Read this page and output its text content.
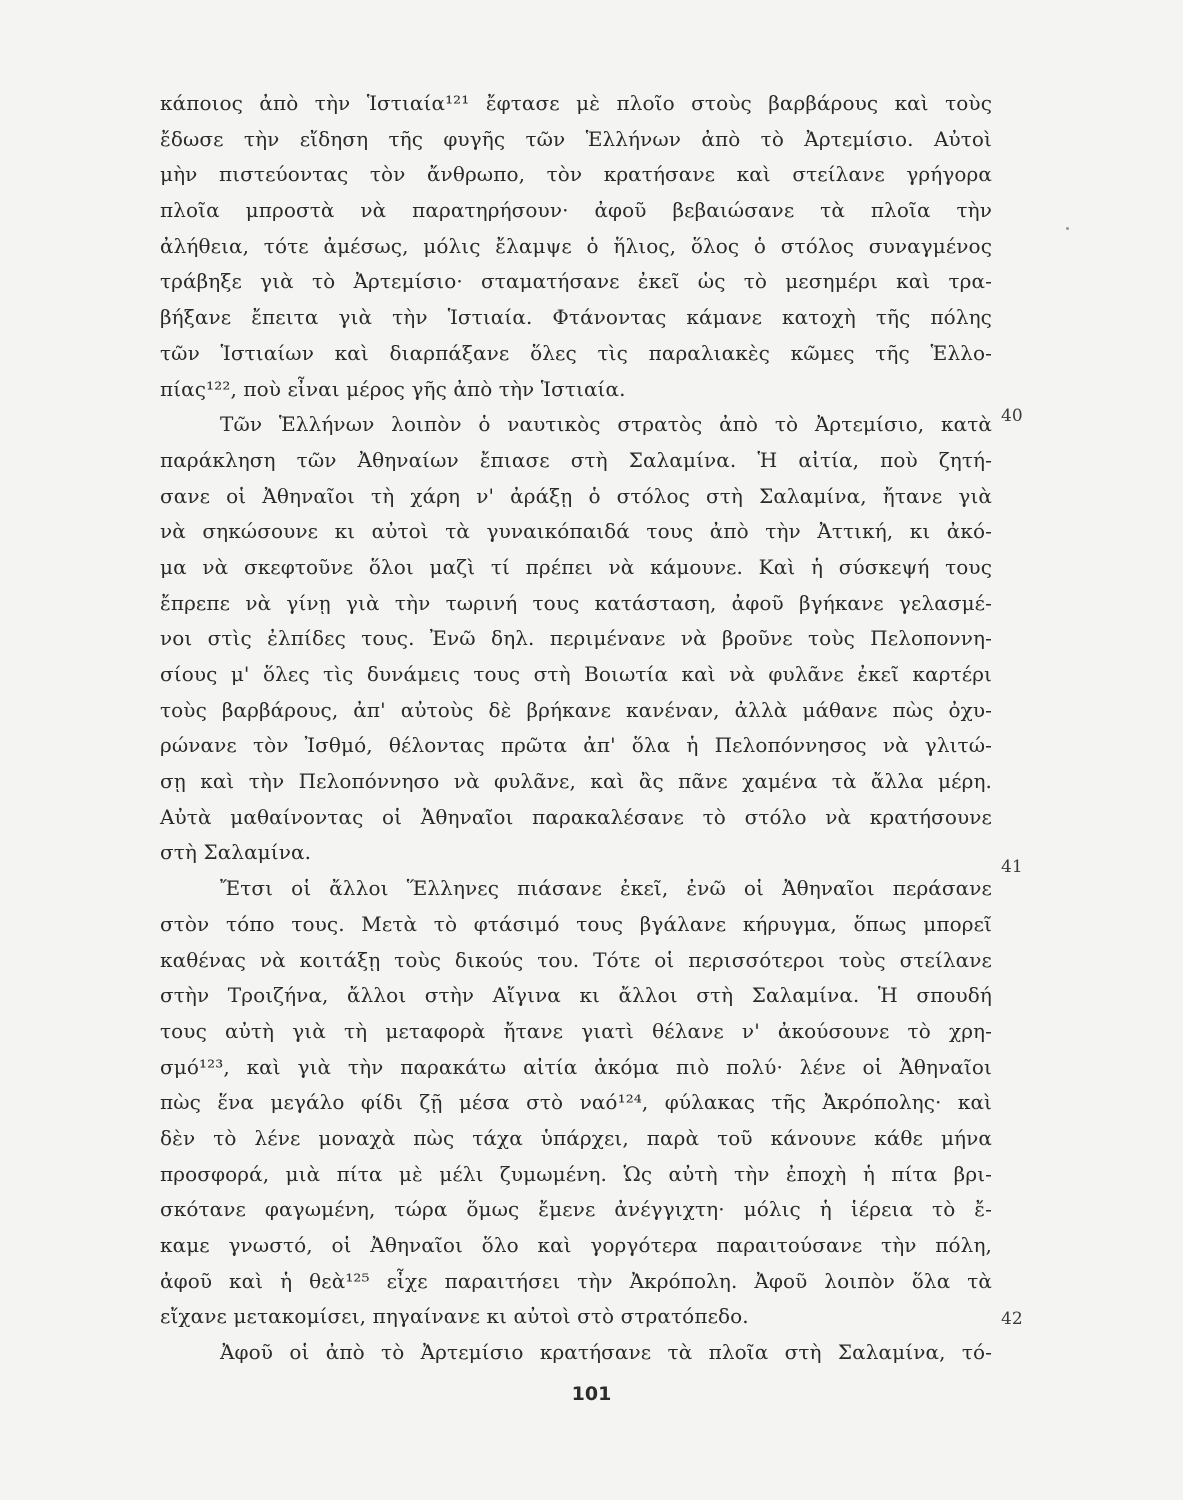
κάποιος ἀπὸ τὴν Ἱστιαία¹²¹ ἔφτασε μὲ πλοῖο στοὺς βαρβάρους καὶ τοὺς
ἔδωσε τὴν εἴδηση τῆς φυγῆς τῶν Ἑλλήνων ἀπὸ τὸ Ἀρτεμίσιο. Αὐτοὶ
μὴν πιστεύοντας τὸν ἄνθρωπο, τὸν κρατήσανε καὶ στείλανε γρήγορα
πλοῖα μπροστὰ νὰ παρατηρήσουν· ἀφοῦ βεβαιώσανε τὰ πλοῖα τὴν
ἀλήθεια, τότε ἀμέσως, μόλις ἔλαμψε ὁ ἥλιος, ὅλος ὁ στόλος συναγμένος
τράβηξε γιὰ τὸ Ἀρτεμίσιο· σταματήσανε ἐκεῖ ὡς τὸ μεσημέρι καὶ τρα-
βήξανε ἔπειτα γιὰ τὴν Ἱστιαία. Φτάνοντας κάμανε κατοχὴ τῆς πόλης
τῶν Ἱστιαίων καὶ διαρπάξανε ὅλες τὶς παραλιακὲς κῶμες τῆς Ἑλλο-
πίας¹²², ποὺ εἶναι μέρος γῆς ἀπὸ τὴν Ἱστιαία.
Τῶν Ἑλλήνων λοιπὸν ὁ ναυτικὸς στρατὸς ἀπὸ τὸ Ἀρτεμίσιο, κατὰ
παράκληση τῶν Ἀθηναίων ἔπιασε στὴ Σαλαμίνα. Ἡ αἰτία, ποὺ ζητή-
σανε οἱ Ἀθηναῖοι τὴ χάρη ν' ἀράξῃ ὁ στόλος στὴ Σαλαμίνα, ἤτανε γιὰ
νὰ σηκώσουνε κι αὐτοὶ τὰ γυναικόπαιδά τους ἀπὸ τὴν Ἀττική, κι ἀκό-
μα νὰ σκεφτοῦνε ὅλοι μαζὶ τί πρέπει νὰ κάμουνε. Καὶ ἡ σύσκεψή τους
ἔπρεπε νὰ γίνῃ γιὰ τὴν τωρινή τους κατάσταση, ἀφοῦ βγήκανε γελασμέ-
νοι στὶς ἐλπίδες τους. Ἐνῶ δηλ. περιμένανε νὰ βροῦνε τοὺς Πελοποννη-
σίους μ' ὅλες τὶς δυνάμεις τους στὴ Βοιωτία καὶ νὰ φυλᾶνε ἐκεῖ καρτέρι
τοὺς βαρβάρους, ἀπ' αὐτοὺς δὲ βρήκανε κανέναν, ἀλλὰ μάθανε πὼς ὀχυ-
ρώνανε τὸν Ἰσθμό, θέλοντας πρῶτα ἀπ' ὅλα ἡ Πελοπόννησος νὰ γλιτώ-
σῃ καὶ τὴν Πελοπόννησο νὰ φυλᾶνε, καὶ ἂς πᾶνε χαμένα τὰ ἄλλα μέρη.
Αὐτὰ μαθαίνοντας οἱ Ἀθηναῖοι παρακαλέσανε τὸ στόλο νὰ κρατήσουνε
στὴ Σαλαμίνα.
Ἔτσι οἱ ἄλλοι Ἕλληνες πιάσανε ἐκεῖ, ἐνῶ οἱ Ἀθηναῖοι περάσανε
στὸν τόπο τους. Μετὰ τὸ φτάσιμό τους βγάλανε κήρυγμα, ὅπως μπορεῖ
καθένας νὰ κοιτάξῃ τοὺς δικούς του. Τότε οἱ περισσότεροι τοὺς στείλανε
στὴν Τροιζήνα, ἄλλοι στὴν Αἴγινα κι ἄλλοι στὴ Σαλαμίνα. Ἡ σπουδή
τους αὐτὴ γιὰ τὴ μεταφορὰ ἤτανε γιατὶ θέλανε ν' ἀκούσουνε τὸ χρη-
σμό¹²³, καὶ γιὰ τὴν παρακάτω αἰτία ἀκόμα πιὸ πολύ· λένε οἱ Ἀθηναῖοι
πὼς ἕνα μεγάλο φίδι ζῇ μέσα στὸ ναό¹²⁴, φύλακας τῆς Ἀκρόπολης· καὶ
δὲν τὸ λένε μοναχὰ πὼς τάχα ὑπάρχει, παρὰ τοῦ κάνουνε κάθε μήνα
προσφορά, μιὰ πίτα μὲ μέλι ζυμωμένη. Ὡς αὐτὴ τὴν ἐποχὴ ἡ πίτα βρι-
σκότανε φαγωμένη, τώρα ὅμως ἔμενε ἀνέγγιχτη· μόλις ἡ ἱέρεια τὸ ἔ-
καμε γνωστό, οἱ Ἀθηναῖοι ὅλο καὶ γοργότερα παραιτούσανε τὴν πόλη,
ἀφοῦ καὶ ἡ θεὰ¹²⁵ εἶχε παραιτήσει τὴν Ἀκρόπολη. Ἀφοῦ λοιπὸν ὅλα τὰ
εἴχανε μετακομίσει, πηγαίνανε κι αὐτοὶ στὸ στρατόπεδο.
Ἀφοῦ οἱ ἀπὸ τὸ Ἀρτεμίσιο κρατήσανε τὰ πλοῖα στὴ Σαλαμίνα, τό-
40
41
42
101
